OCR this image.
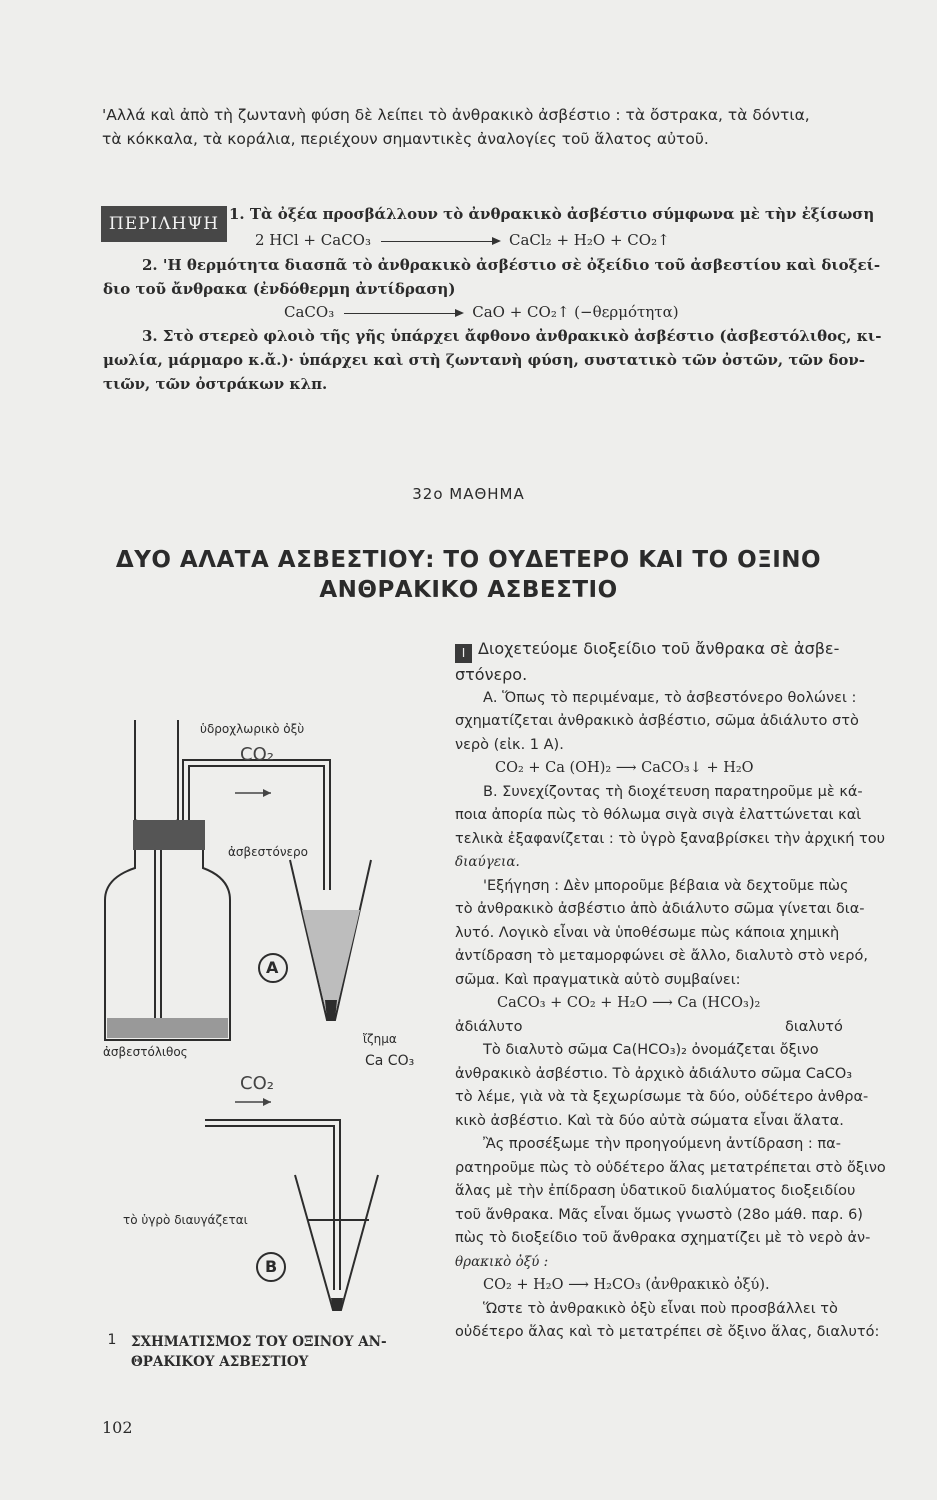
'Αλλά καὶ ἀπὸ τὴ ζωντανὴ φύση δὲ λείπει τὸ ἀνθρακικὸ ἀσβέστιο : τὰ ὄστρακα, τὰ δόντια,
τὰ κόκκαλα, τὰ κοράλια, περιέχουν σημαντικὲς ἀναλογίες τοῦ ἅλατος αὐτοῦ.
ΠΕΡΙΛΗΨΗ 1. Τὰ ὀξέα προσβάλλουν τὸ ἀνθρακικὸ ἀσβέστιο σύμφωνα μὲ τὴν ἐξίσωση
2 HCl + CaCO₃	CaCl₂ + H₂O + CO₂↑
2. 'Η θερμότητα διασπᾶ τὸ ἀνθρακικὸ ἀσβέστιο σὲ ὀξείδιο τοῦ ἀσβεστίου καὶ διοξεί-
διο τοῦ ἄνθρακα (ἐνδόθερμη ἀντίδραση)
CaCO₃	CaO + CO₂↑ (−θερμότητα)
3. Στὸ στερεὸ φλοιὸ τῆς γῆς ὑπάρχει ἄφθονο ἀνθρακικὸ ἀσβέστιο (ἀσβεστόλιθος, κι-
μωλία, μάρμαρο κ.ἄ.)· ὑπάρχει καὶ στὴ ζωντανὴ φύση, συστατικὸ τῶν ὀστῶν, τῶν δον-
τιῶν, τῶν ὀστράκων κλπ.
32ο ΜΑΘΗΜΑ
ΔΥΟ ΑΛΑΤΑ ΑΣΒΕΣΤΙΟΥ: ΤΟ ΟΥΔΕΤΕΡΟ ΚΑΙ ΤΟ ΟΞΙΝΟ
ΑΝΘΡΑΚΙΚΟ ΑΣΒΕΣΤΙΟ

I Διοχετεύομε διοξείδιο τοῦ ἄνθρακα σὲ ἀσβε-

στόνερο.

Α. Ὅπως τὸ περιμέναμε, τὸ ἀσβεστόνερο θολώνει :

σχηματίζεται ἀνθρακικὸ ἀσβέστιο, σῶμα ἀδιάλυτο στὸ

νερὸ (εἰκ. 1 Α).

CO₂ + Ca (OH)₂ ⟶ CaCO₃↓ + H₂O

Β. Συνεχίζοντας τὴ διοχέτευση παρατηροῦμε μὲ κά-

ποια ἀπορία πὼς τὸ θόλωμα σιγὰ σιγὰ ἐλαττώνεται καὶ

τελικὰ ἐξαφανίζεται : τὸ ὑγρὸ ξαναβρίσκει τὴν ἀρχική του

διαύγεια.

'Εξήγηση : Δὲν μποροῦμε βέβαια νὰ δεχτοῦμε πὼς

τὸ ἀνθρακικὸ ἀσβέστιο ἀπὸ ἀδιάλυτο σῶμα γίνεται δια-

λυτό. Λογικὸ εἶναι νὰ ὑποθέσωμε πὼς κάποια χημικὴ

ἀντίδραση τὸ μεταμορφώνει σὲ ἄλλο, διαλυτὸ στὸ νερό,

σῶμα. Καὶ πραγματικὰ αὐτὸ συμβαίνει:

CaCO₃ + CO₂ + H₂O ⟶ Ca (HCO₃)₂

ἀδιάλυτο	διαλυτό

Τὸ διαλυτὸ σῶμα Ca(HCO₃)₂ ὀνομάζεται ὄξινο

ἀνθρακικὸ ἀσβέστιο. Τὸ ἀρχικὸ ἀδιάλυτο σῶμα CaCO₃

τὸ λέμε, γιὰ νὰ τὰ ξεχωρίσωμε τὰ δύο, οὐδέτερο ἀνθρα-

κικὸ ἀσβέστιο. Καὶ τὰ δύο αὐτὰ σώματα εἶναι ἅλατα.

Ἂς προσέξωμε τὴν προηγούμενη ἀντίδραση : πα-

ρατηροῦμε πὼς τὸ οὐδέτερο ἅλας μετατρέπεται στὸ ὄξινο

ἅλας μὲ τὴν ἐπίδραση ὑδατικοῦ διαλύματος διοξειδίου

τοῦ ἄνθρακα. Μᾶς εἶναι ὅμως γνωστὸ (28ο μάθ. παρ. 6)

πὼς τὸ διοξείδιο τοῦ ἄνθρακα σχηματίζει μὲ τὸ νερὸ ἀν-

θρακικὸ ὀξύ :

CO₂ + H₂O ⟶ H₂CO₃ (ἀνθρακικὸ ὀξύ).

Ὥστε τὸ ἀνθρακικὸ ὀξὺ εἶναι ποὺ προσβάλλει τὸ

οὐδέτερο ἅλας καὶ τὸ μετατρέπει σὲ ὄξινο ἅλας, διαλυτό:

ὑδροχλωρικὸ ὀξὺ
CO₂
ἀσβεστόνερο
A
ἴζημα
ἀσβεστόλιθος
Ca CO₃
CO₂
τὸ ὑγρὸ διαυγάζεται
B
1	ΣΧΗΜΑΤΙΣΜΟΣ ΤΟΥ ΟΞΙΝΟΥ ΑΝ-
ΘΡΑΚΙΚΟΥ ΑΣΒΕΣΤΙΟΥ
102
